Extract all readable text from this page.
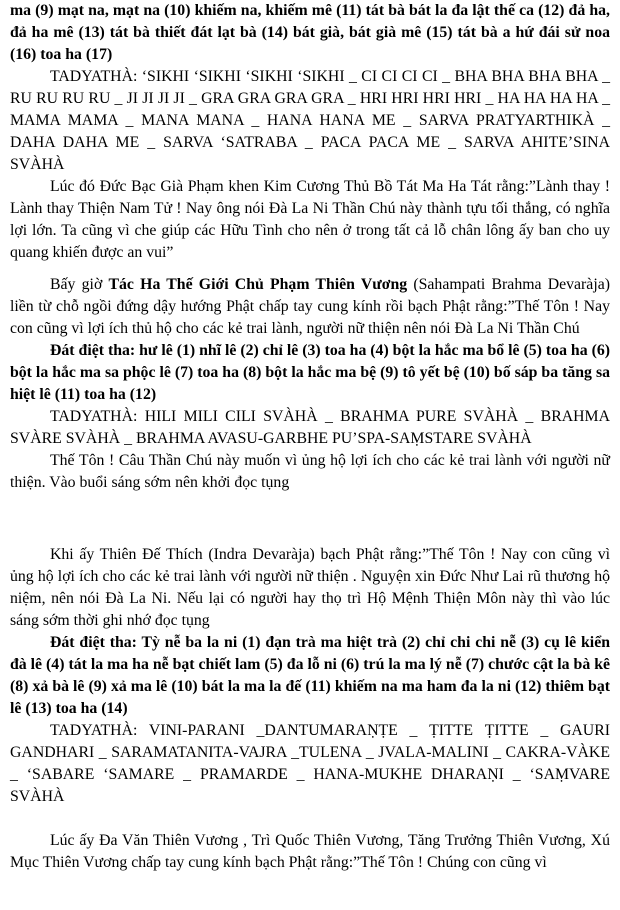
ma (9) mạt na, mạt na (10) khiếm na, khiếm mê (11) tát bà bát la đa lật thế ca (12) đả ha, đả ha mê (13) tát bà thiết đát lạt bà (14) bát già, bát già mê (15) tát bà a hứ đái sử noa (16) toa ha (17)

TADYATHÀ: ‘SIKHI ‘SIKHI ‘SIKHI ‘SIKHI _ CI CI CI CI _ BHA BHA BHA BHA _ RU RU RU RU _ JI JI JI JI _ GRA GRA GRA GRA _ HRI HRI HRI HRI _ HA HA HA HA _ MAMA MAMA _ MANA MANA _ HANA HANA ME _ SARVA PRATYARTHIKÀ _ DAHA DAHA ME _ SARVA ‘SATRABA _ PACA PACA ME _ SARVA AHITE’SINA SVÀHÀ

Lúc đó Đức Bạc Già Phạm khen Kim Cương Thủ Bồ Tát Ma Ha Tát rằng:”Lành thay ! Lành thay Thiện Nam Tử ! Nay ông nói Đà La Ni Thần Chú này thành tựu tối thắng, có nghĩa lợi lớn. Ta cũng vì che giúp các Hữu Tình cho nên ở trong tất cả lỗ chân lông ấy ban cho uy quang khiến được an vui”

Bấy giờ Tác Ha Thế Giới Chủ Phạm Thiên Vương (Sahampati Brahma Devaràja) liền từ chỗ ngồi đứng dậy hướng Phật chấp tay cung kính rồi bạch Phật rằng:”Thế Tôn ! Nay con cũng vì lợi ích thủ hộ cho các kẻ trai lành, người nữ thiện nên nói Đà La Ni Thần Chú

Đát điệt tha: hư lê (1) nhĩ lê (2) chỉ lê (3) toa ha (4) bột la hắc ma bổ lê (5) toa ha (6) bột la hắc ma sa phộc lê (7) toa ha (8) bột la hắc ma bệ (9) tô yết bệ (10) bố sáp ba tăng sa hiệt lê (11) toa ha (12)

TADYATHÀ: HILI MILI CILI SVÀHÀ _ BRAHMA PURE SVÀHÀ _ BRAHMA SVÀRE SVÀHÀ _ BRAHMA AVASU-GARBHE PU’SPA-SAṂSTARE SVÀHÀ

Thế Tôn ! Câu Thần Chú này muốn vì ủng hộ lợi ích cho các kẻ trai lành với người nữ thiện. Vào buổi sáng sớm nên khởi đọc tụng

Khi ấy Thiên Đế Thích (Indra Devaràja) bạch Phật rằng:”Thế Tôn ! Nay con cũng vì ủng hộ lợi ích cho các kẻ trai lành với người nữ thiện . Nguyện xin Đức Như Lai rũ thương hộ niệm, nên nói Đà La Ni. Nếu lại có người hay thọ trì Hộ Mệnh Thiện Môn này thì vào lúc sáng sớm thời ghi nhớ đọc tụng

Đát điệt tha: Tỳ nễ ba la ni (1) đạn trà ma hiệt trà (2) chỉ chi chi nễ (3) cụ lê kiển đà lê (4) tát la ma ha nễ bạt chiết lam (5) đa lỗ ni (6) trú la ma lý nễ (7) chước cật la bà kê (8) xả bà lê (9) xả ma lê (10) bát la ma la đế (11) khiếm na ma ham đa la ni (12) thiêm bạt lê (13) toa ha (14)

TADYATHÀ: VINI-PARANI _DANTUMARAṆṬE _ ṬITTE ṬITTE _ GAURI GANDHARI _ SARAMATANITA-VAJRA _TULENA _ JVALA-MALINI _ CAKRA-VÀKE _ ‘SABARE ‘SAMARE _ PRAMARDE _ HANA-MUKHE DHARAṆI _ ‘SAṂVARE SVÀHÀ

Lúc ấy Đa Văn Thiên Vương , Trì Quốc Thiên Vương, Tăng Trưởng Thiên Vương, Xú Mục Thiên Vương chấp tay cung kính bạch Phật rằng:”Thế Tôn ! Chúng con cũng vì
